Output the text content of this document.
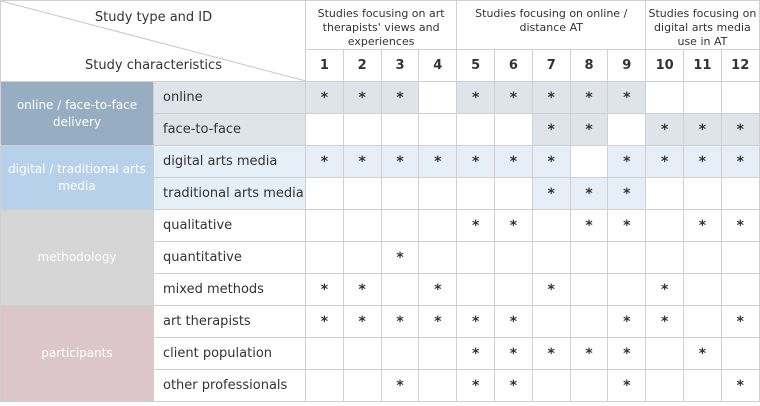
Study type and ID
Study characteristics		Studies focusing on art therapists' views and experiences				Studies focusing on online / distance AT					Studies focusing on digital arts media use in AT		
		1	2	3	4	5	6	7	8	9	10	11	12
online / face-to-face delivery	online	*	*	*		*	*	*	*	*			
	face-to-face							*	*		*	*	*
digital / traditional arts media	digital arts media	*	*	*	*	*	*	*		*	*	*	*
	traditional arts media							*	*	*			
methodology	qualitative					*	*		*	*		*	*
	quantitative			*									
	mixed methods	*	*		*			*			*		
participants	art therapists	*	*	*	*	*	*			*	*		*
	client population					*	*	*	*	*		*	
	other professionals			*		*	*			*			*
